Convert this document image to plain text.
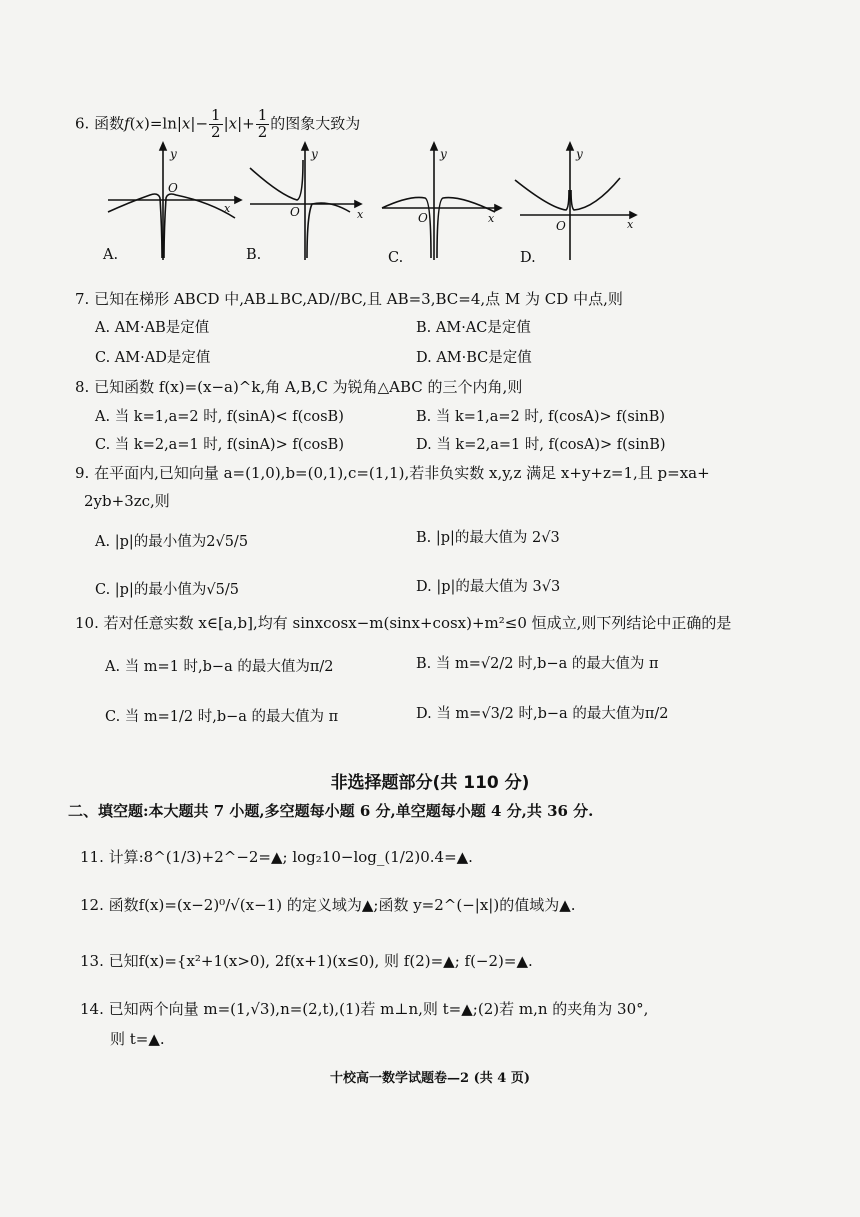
6. 函数$f(x)=\ln|x|- \frac{1}{2} |x|+ \frac{1}{2}$ 的图象大致为
y
O
x
y
O	x
y
O	x
y
O	x
A.	B.	C.	D.
7. 已知在梯形 ABCD 中,AB⊥BC,AD//BC,且 AB=3,BC=4,点 M 为 CD 中点,则
A. AM·AB是定值	B. AM·AC是定值
C. AM·AD是定值	D. AM·BC是定值
8. 已知函数 f(x)=(x−a)^k,角 A,B,C 为锐角△ABC 的三个内角,则
A. 当 k=1,a=2 时, f(sinA)< f(cosB)	B. 当 k=1,a=2 时, f(cosA)> f(sinB)
C. 当 k=2,a=1 时, f(sinA)> f(cosB)	D. 当 k=2,a=1 时, f(cosA)> f(sinB)
9. 在平面内,已知向量 a=(1,0),b=(0,1),c=(1,1),若非负实数 x,y,z 满足 x+y+z=1,且 p=xa+
2yb+3zc,则
A. |p|的最小值为2√5/5	B. |p|的最大值为 2√3
C. |p|的最小值为√5/5	D. |p|的最大值为 3√3
10. 若对任意实数 x∈[a,b],均有 sinxcosx−m(sinx+cosx)+m²≤0 恒成立,则下列结论中正确的是
A. 当 m=1 时,b−a 的最大值为π/2	B. 当 m=√2/2 时,b−a 的最大值为 π
C. 当 m=1/2 时,b−a 的最大值为 π	D. 当 m=√3/2 时,b−a 的最大值为π/2
非选择题部分(共 110 分)
二、填空题:本大题共 7 小题,多空题每小题 6 分,单空题每小题 4 分,共 36 分.
11. 计算:8^(1/3)+2^−2=▲; log₂10−log_(1/2)0.4=▲.
12. 函数f(x)=(x−2)⁰/√(x−1) 的定义域为▲;函数 y=2^(−|x|)的值域为▲.
13. 已知f(x)={x²+1(x>0), 2f(x+1)(x≤0), 则 f(2)=▲; f(−2)=▲.
14. 已知两个向量 m=(1,√3),n=(2,t),(1)若 m⊥n,则 t=▲;(2)若 m,n 的夹角为 30°,
则 t=▲.
十校高一数学试题卷—2 (共 4 页)
